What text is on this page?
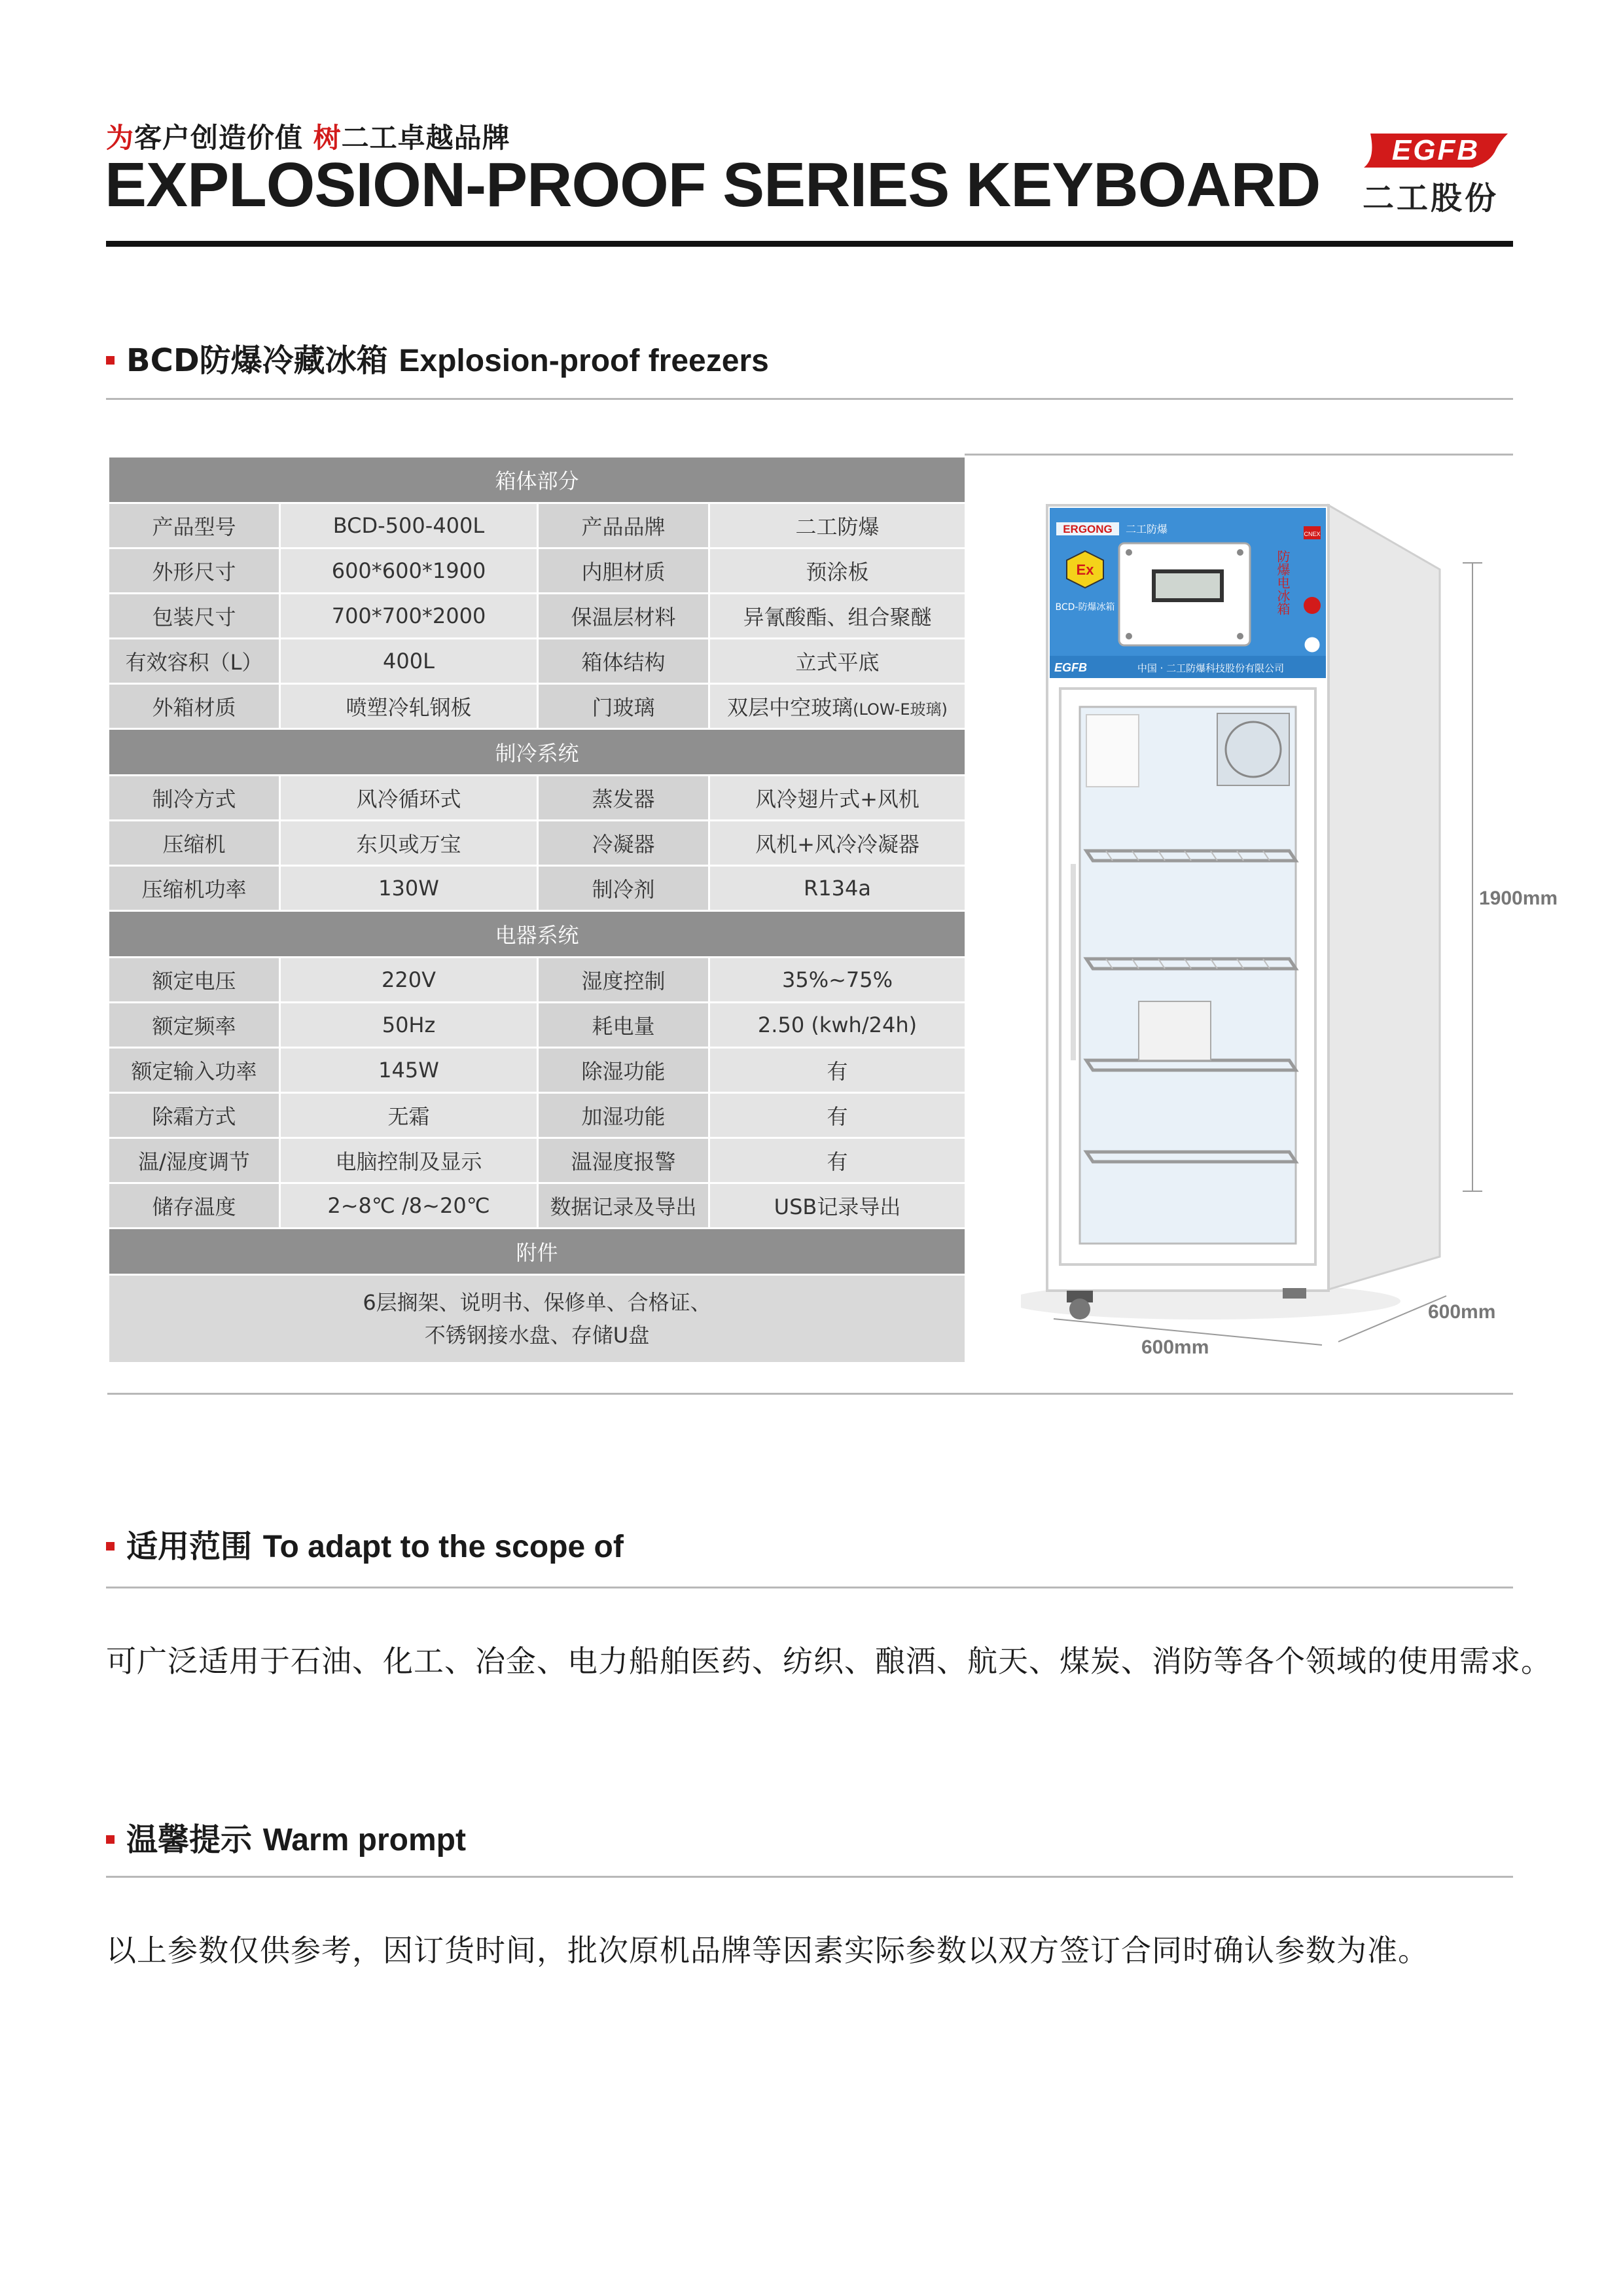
为客户创造价值 树二工卓越品牌
EXPLOSION-PROOF SERIES KEYBOARD EGFB
二工股份
BCD防爆冷藏冰箱 Explosion-proof freezers
箱体部分			
产品型号	BCD-500-400L	产品品牌	二工防爆
外形尺寸	600*600*1900	内胆材质	预涂板
包装尺寸	700*700*2000	保温层材料	异氰酸酯、组合聚醚
有效容积（L）	400L	箱体结构	立式平底
外箱材质	喷塑冷轧钢板	门玻璃	双层中空玻璃(LOW-E玻璃)
制冷系统			
制冷方式	风冷循环式	蒸发器	风冷翅片式+风机
压缩机	东贝或万宝	冷凝器	风机+风冷冷凝器
压缩机功率	130W	制冷剂	R134a
电器系统			
额定电压	220V	湿度控制	35%~75%
额定频率	50Hz	耗电量	2.50 (kwh/24h)
额定输入功率	145W	除湿功能	有
除霜方式	无霜	加湿功能	有
温/湿度调节	电脑控制及显示	温湿度报警	有
储存温度	2~8℃ /8~20℃	数据记录及导出	USB记录导出
附件			

6层搁架、说明书、保修单、合格证、
不锈钢接水盘、存储U盘			
ERGONG 二工防爆
Ex
BCD-防爆冰箱	防爆电冰箱
CNEX
EGFB	中国 · 二工防爆科技股份有限公司
1900mm
600mm
600mm
适用范围 To adapt to the scope of
可广泛适用于石油、化工、冶金、电力船舶医药、纺织、酿酒、航天、煤炭、消防等各个领域的使用需求。
温馨提示 Warm prompt
以上参数仅供参考，因订货时间，批次原机品牌等因素实际参数以双方签订合同时确认参数为准。
